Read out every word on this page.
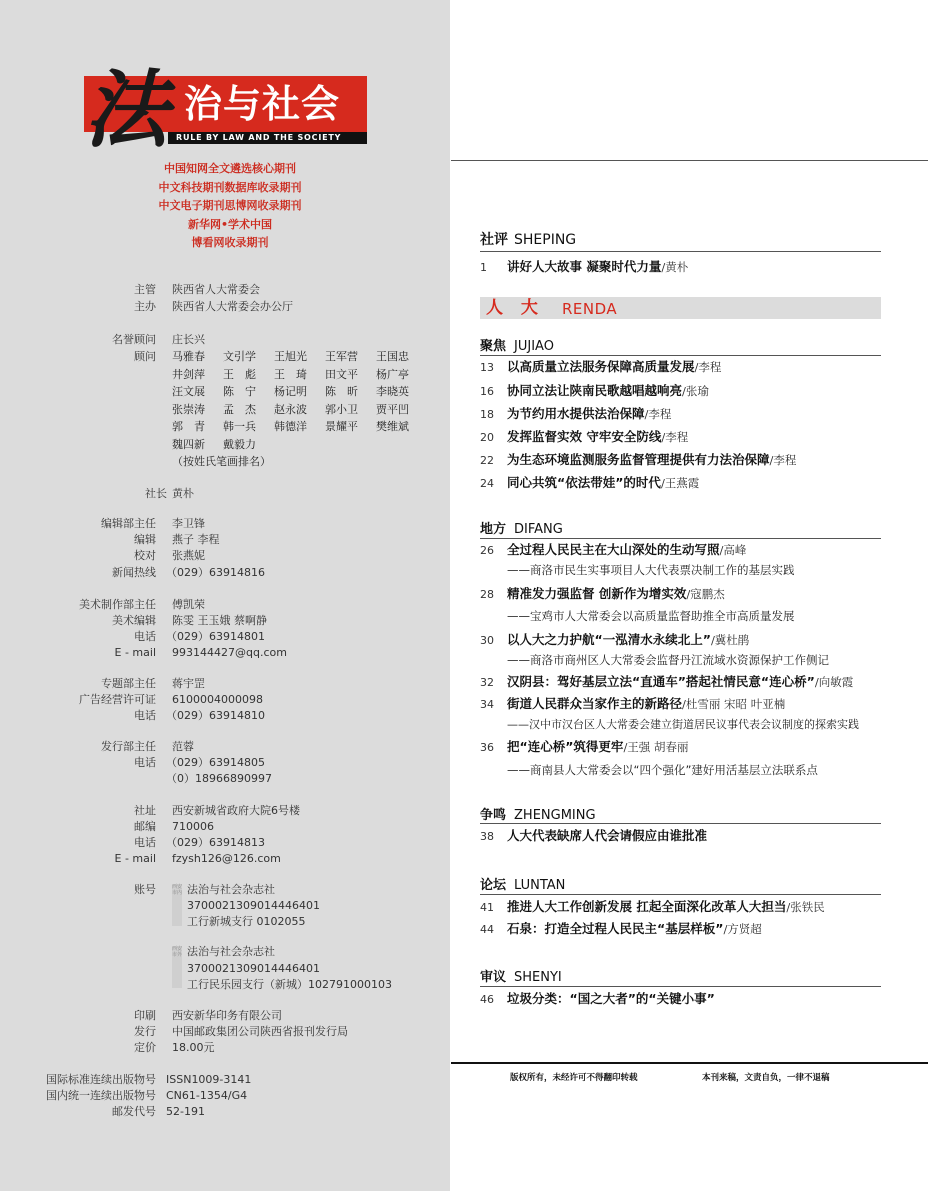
法 治与社会
RULE BY LAW AND THE SOCIETY
中国知网全文遴选核心期刊
中文科技期刊数据库收录期刊
中文电子期刊思博网收录期刊
新华网•学术中国
博看网收录期刊
主管 陕西省人大常委会
主办 陕西省人大常委会办公厅
名誉顾问 庄长兴
顾问 马雅春 文引学 王旭光 王军营 王国忠
井剑萍 王　彪 王　琦 田文平 杨广亭
汪文展 陈　宁 杨记明 陈　昕 李晓英
张崇涛 孟　杰 赵永波 郭小卫 贾平凹
郭　青 韩一兵 韩德洋 景耀平 樊维斌
魏四新 戴毅力
（按姓氏笔画排名）
社长 黄朴
编辑部主任 李卫锋
编辑 燕子 李程
校对 张燕妮
新闻热线 （029）63914816
美术制作部主任 傅凯荣
美术编辑 陈雯 王玉娥 蔡啊静
电话 （029）63914801
E - mail 993144427@qq.com
专题部主任 蒋宇罡
广告经营许可证 6100004000098
电话 （029）63914810
发行部主任 范蓉
电话 （029）63914805
（0）18966890997
社址 西安新城省政府大院6号楼
邮编 710006
电话 （029）63914813
E - mail fzysh126@126.com
账号	西安市内 法治与社会杂志社
3700021309014446401
工行新城支行 0102055
西安市外 法治与社会杂志社
3700021309014446401
工行民乐园支行（新城）102791000103
印刷 西安新华印务有限公司
发行 中国邮政集团公司陕西省报刊发行局
定价 18.00元
国际标准连续出版物号 ISSN1009-3141
国内统一连续出版物号 CN61-1354/G4
邮发代号 52-191
社评 SHEPING
1 讲好人大故事 凝聚时代力量/黄朴
人 大 RENDA
聚焦 JUJIAO
13 以高质量立法服务保障高质量发展/李程
16 协同立法让陕南民歌越唱越响亮/张瑜
18 为节约用水提供法治保障/李程
20 发挥监督实效 守牢安全防线/李程
22 为生态环境监测服务监督管理提供有力法治保障/李程
24 同心共筑“依法带娃”的时代/王燕霞
地方 DIFANG
26 全过程人民民主在大山深处的生动写照/高峰
——商洛市民生实事项目人大代表票决制工作的基层实践
28 精准发力强监督 创新作为增实效/寇鹏杰
——宝鸡市人大常委会以高质量监督助推全市高质量发展
30 以人大之力护航“一泓清水永续北上”/冀杜鹃
——商洛市商州区人大常委会监督丹江流域水资源保护工作侧记
32 汉阴县：驾好基层立法“直通车”搭起社情民意“连心桥”/向敏霞
34 街道人民群众当家作主的新路径/杜雪丽 宋昭 叶亚楠
——汉中市汉台区人大常委会建立街道居民议事代表会议制度的探索实践
36 把“连心桥”筑得更牢/王强 胡春丽
——商南县人大常委会以“四个强化”建好用活基层立法联系点
争鸣 ZHENGMING
38 人大代表缺席人代会请假应由谁批准
论坛 LUNTAN
41 推进人大工作创新发展 扛起全面深化改革人大担当/张铁民
44 石泉：打造全过程人民民主“基层样板”/方贤超
审议 SHENYI
46 垃圾分类：“国之大者”的“关键小事”
版权所有，未经许可不得翻印转载	本刊来稿，文责自负，一律不退稿
